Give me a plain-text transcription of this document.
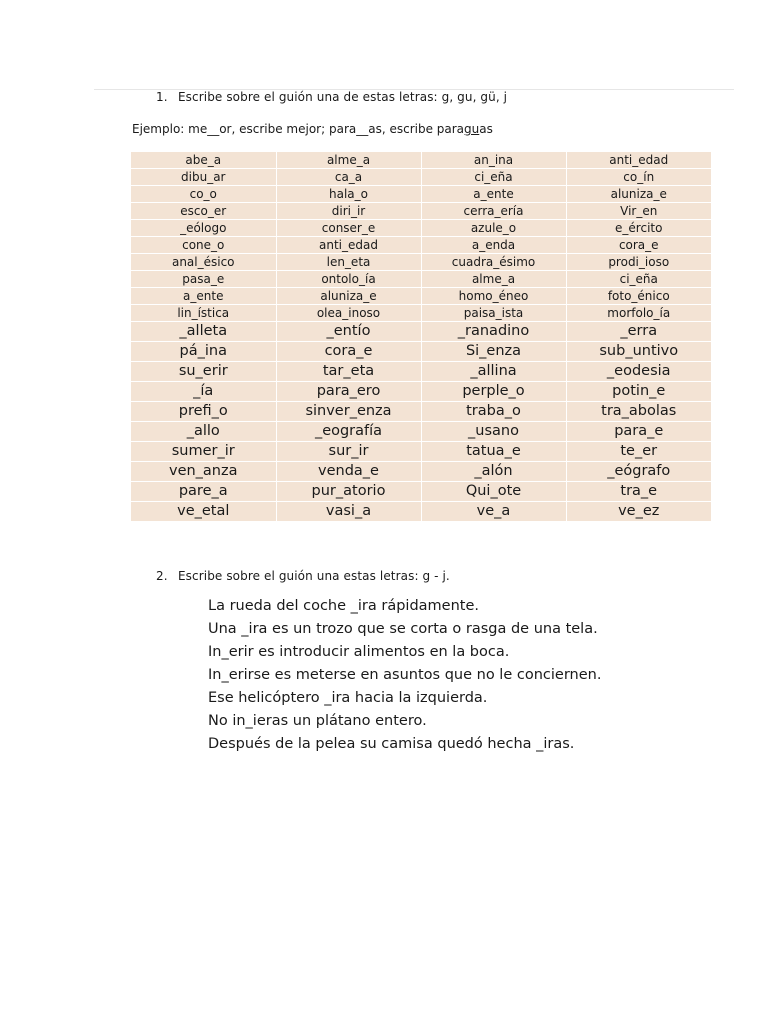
1. Escribe sobre el guión una de estas letras: g, gu, gü, j
Ejemplo: me__or, escribe mejor; para__as, escribe paraguas
abe_a	alme_a	an_ina	anti_edad
dibu_ar	ca_a	ci_eña	co_ín
co_o	hala_o	a_ente	aluniza_e
esco_er	diri_ir	cerra_ería	Vir_en
_eólogo	conser_e	azule_o	e_ército
cone_o	anti_edad	a_enda	cora_e
anal_ésico	len_eta	cuadra_ésimo	prodi_ioso
pasa_e	ontolo_ía	alme_a	ci_eña
a_ente	aluniza_e	homo_éneo	foto_énico
lin_ística	olea_inoso	paisa_ista	morfolo_ía
_alleta	_entío	_ranadino	_erra
pá_ina	cora_e	Si_enza	sub_untivo
su_erir	tar_eta	_allina	_eodesia
_ía	para_ero	perple_o	potin_e
prefi_o	sinver_enza	traba_o	tra_abolas
_allo	_eografía	_usano	para_e
sumer_ir	sur_ir	tatua_e	te_er
ven_anza	venda_e	_alón	_eógrafo
pare_a	pur_atorio	Qui_ote	tra_e
ve_etal	vasi_a	ve_a	ve_ez
2. Escribe sobre el guión una estas letras: g - j.

La rueda del coche _ira rápidamente.

Una _ira es un trozo que se corta o rasga de una tela.

In_erir es introducir alimentos en la boca.

In_erirse es meterse en asuntos que no le conciernen.

Ese helicóptero _ira hacia la izquierda.

No in_ieras un plátano entero.

Después de la pelea su camisa quedó hecha _iras.
